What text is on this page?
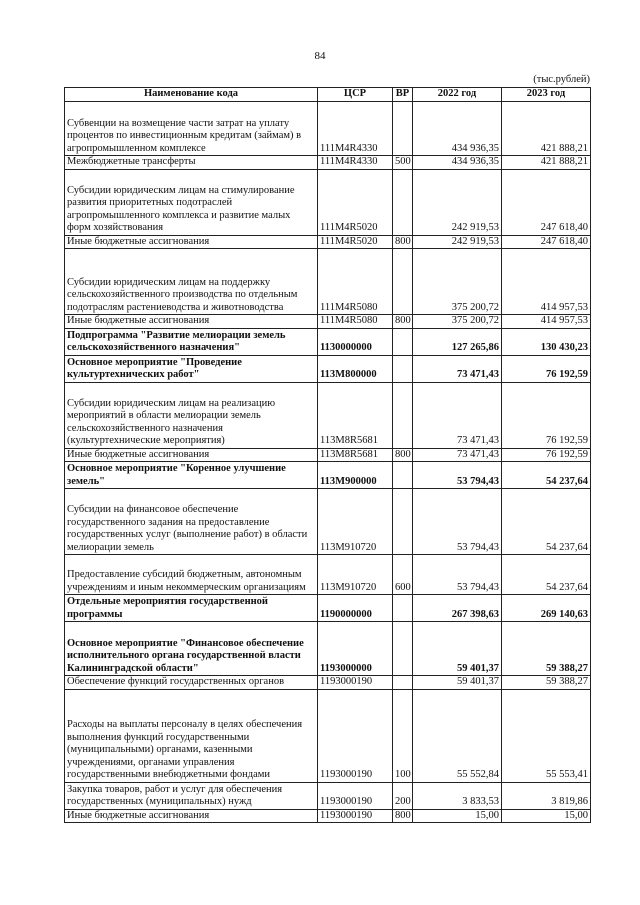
84
(тыс.рублей)
Наименование кода	ЦСР	ВР	2022 год	2023 год
Субвенции на возмещение части затрат на уплату процентов по инвестиционным кредитам (займам) в агропромышленном комплексе	111M4R4330		434 936,35	421 888,21
Межбюджетные трансферты	111M4R4330	500	434 936,35	421 888,21
Субсидии юридическим лицам на стимулирование развития приоритетных подотраслей агропромышленного комплекса и развитие малых форм хозяйствования	111M4R5020		242 919,53	247 618,40
Иные бюджетные ассигнования	111M4R5020	800	242 919,53	247 618,40
Субсидии юридическим лицам на поддержку сельскохозяйственного производства по отдельным подотраслям растениеводства и животноводства	111M4R5080		375 200,72	414 957,53
Иные бюджетные ассигнования	111M4R5080	800	375 200,72	414 957,53
Подпрограмма "Развитие мелиорации земель сельскохозяйственного назначения"	1130000000		127 265,86	130 430,23
Основное мероприятие "Проведение культуртехнических работ"	113M800000		73 471,43	76 192,59
Субсидии юридическим лицам на реализацию мероприятий в области мелиорации земель сельскохозяйственного назначения (культуртехнические мероприятия)	113M8R5681		73 471,43	76 192,59
Иные бюджетные ассигнования	113M8R5681	800	73 471,43	76 192,59
Основное мероприятие "Коренное улучшение земель"	113M900000		53 794,43	54 237,64
Субсидии на финансовое обеспечение государственного задания на предоставление государственных услуг (выполнение работ) в области мелиорации земель	113M910720		53 794,43	54 237,64
Предоставление субсидий бюджетным, автономным учреждениям и иным некоммерческим организациям	113M910720	600	53 794,43	54 237,64
Отдельные мероприятия государственной программы	1190000000		267 398,63	269 140,63
Основное мероприятие "Финансовое обеспечение исполнительного органа государственной власти Калининградской области"	1193000000		59 401,37	59 388,27
Обеспечение функций государственных органов	1193000190		59 401,37	59 388,27
Расходы на выплаты персоналу в целях обеспечения выполнения функций государственными (муниципальными) органами, казенными учреждениями, органами управления государственными внебюджетными фондами	1193000190	100	55 552,84	55 553,41
Закупка товаров, работ и услуг для обеспечения государственных (муниципальных) нужд	1193000190	200	3 833,53	3 819,86
Иные бюджетные ассигнования	1193000190	800	15,00	15,00
